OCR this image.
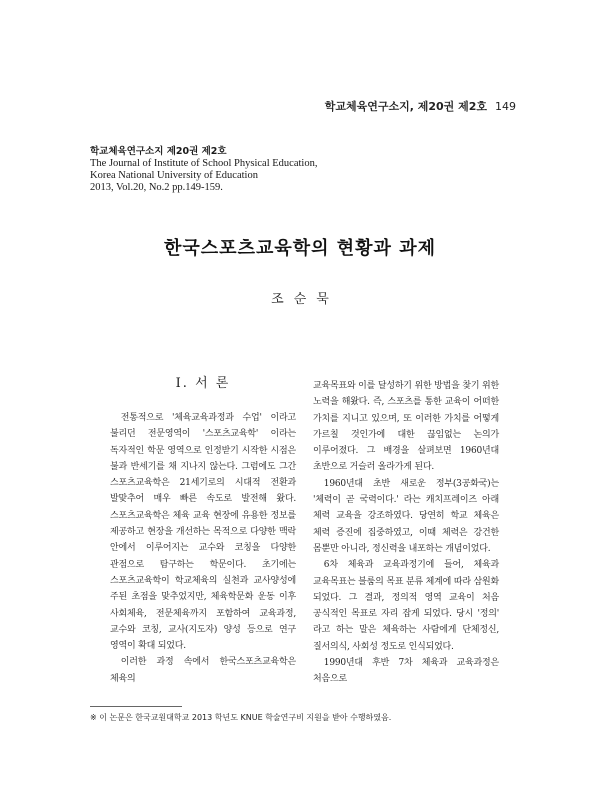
학교체육연구소지, 제20권 제2호 149
학교체육연구소지 제20권 제2호
The Journal of Institute of School Physical Education,
Korea National University of Education
2013, Vol.20, No.2 pp.149-159.
한국스포츠교육학의 현황과 과제
조순묵
Ⅰ. 서 론

전통적으로 '체육교육과정과 수업' 이라고 불리던 전문영역이 '스포츠교육학' 이라는 독자적인 학문 영역으로 인정받기 시작한 시점은 불과 반세기를 채 지나지 않는다. 그럼에도 그간 스포츠교육학은 21세기로의 시대적 전환과 발맞추어 매우 빠른 속도로 발전해 왔다. 스포츠교육학은 체육 교육 현장에 유용한 정보를 제공하고 현장을 개선하는 목적으로 다양한 맥락 안에서 이루어지는 교수와 코칭을 다양한 관점으로 탐구하는 학문이다. 초기에는 스포츠교육학이 학교체육의 실천과 교사양성에 주된 초점을 맞추었지만, 체육학문화 운동 이후 사회체육, 전문체육까지 포함하여 교육과정, 교수와 코칭, 교사(지도자) 양성 등으로 연구 영역이 확대 되었다.

이러한 과정 속에서 한국스포츠교육학은 체육의

교육목표와 이를 달성하기 위한 방법을 찾기 위한 노력을 해왔다. 즉, 스포츠를 통한 교육이 어떠한 가치를 지니고 있으며, 또 이러한 가치를 어떻게 가르칠 것인가에 대한 끊임없는 논의가 이루어졌다. 그 배경을 살펴보면 1960년대 초반으로 거슬러 올라가게 된다.

1960년대 초반 새로운 정부(3공화국)는 '체력이 곧 국력이다.' 라는 캐치프레이즈 아래 체력 교육을 강조하였다. 당연히 학교 체육은 체력 증진에 집중하였고, 이때 체력은 강건한 몸뿐만 아니라, 정신력을 내포하는 개념이었다.

6차 체육과 교육과정기에 들어, 체육과 교육목표는 블룸의 목표 분류 체계에 따라 삼원화 되었다. 그 결과, 정의적 영역 교육이 처음 공식적인 목표로 자리 잡게 되었다. 당시 '정의' 라고 하는 말은 체육하는 사람에게 단체정신, 질서의식, 사회성 정도로 인식되었다.

1990년대 후반 7차 체육과 교육과정은 처음으로

※ 이 논문은 한국교원대학교 2013 학년도 KNUE 학술연구비 지원을 받아 수행하였음.
